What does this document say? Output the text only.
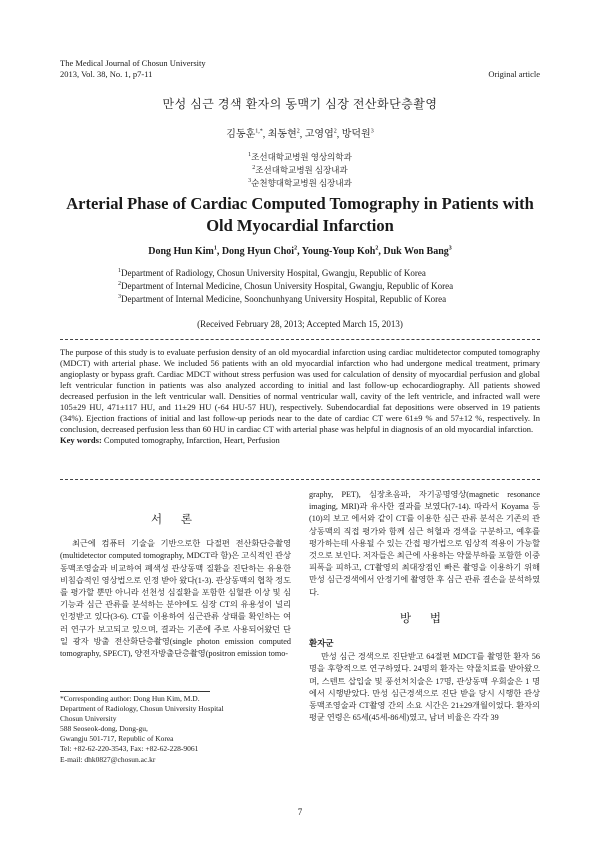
The Medical Journal of Chosun University
2013, Vol. 38, No. 1, p7-11	Original article
만성 심근 경색 환자의 동맥기 심장 전산화단층촬영
김동훈$^{1,*}$, 최동현$^2$, 고영엽$^2$, 방덕원$^3$
$^1$조선대학교병원 영상의학과
$^2$조선대학교병원 심장내과
$^3$순천향대학교병원 심장내과
Arterial Phase of Cardiac Computed Tomography in Patients with
Old Myocardial Infarction
Dong Hun Kim$^1$, Dong Hyun Choi$^2$, Young-Youp Koh$^2$, Duk Won Bang$^3$
$^1$Department of Radiology, Chosun University Hospital, Gwangju, Republic of Korea
$^2$Department of Internal Medicine, Chosun University Hospital, Gwangju, Republic of Korea
$^3$Department of Internal Medicine, Soonchunhyang University Hospital, Republic of Korea
(Received February 28, 2013; Accepted March 15, 2013)
The purpose of this study is to evaluate perfusion density of an old myocardial infarction using cardiac multidetector computed tomography (MDCT) with arterial phase. We included 56 patients with an old myocardial infarction who had undergone medical treatment, primary angioplasty or bypass graft. Cardiac MDCT without stress perfusion was used for calculation of density of myocardial perfusion and global left ventricular function in patients was also analyzed according to initial and last follow-up echocardiography. All patients showed decreased perfusion in the left ventricular wall. Densities of normal ventricular wall, cavity of the left ventricle, and infracted wall were 105±29 HU, 471±117 HU, and 11±29 HU (-64 HU-57 HU), respectively. Subendocardial fat depositions were observed in 19 patients (34%). Ejection fractions of initial and last follow-up periods near to the date of cardiac CT were 61±9 % and 57±12 %, respectively. In conclusion, decreased perfusion less than 60 HU in cardiac CT with arterial phase was helpful in diagnosis of an old myocardial infarction.
Key words: Computed tomography, Infarction, Heart, Perfusion
서 론

최근에 컴퓨터 기술을 기반으로한 다절편 전산화단층촬영(multidetector computed tomography, MDCT라 함)은 고식적인 관상동맥조영술과 비교하여 폐색성 관상동맥 질환을 진단하는 유용한 비침습적인 영상법으로 인정 받아 왔다(1-3). 관상동맥의 협착 정도를 평가할 뿐만 아니라 선천성 심질환을 포함한 심혈관 이상 및 심기능과 심근 관류를 분석하는 분야에도 심장 CT의 유용성이 널리 인정받고 있다(3-6). CT를 이용하여 심근관류 상태를 확인하는 여러 연구가 보고되고 있으며, 결과는 기존에 주로 사용되어왔던 단일 광자 방출 전산화단층촬영(single photon emission computed tomography, SPECT), 양전자방출단층촬영(positron emission tomo-

graphy, PET), 심장초음파, 자기공명영상(magnetic resonance imaging, MRI)과 유사한 결과를 보였다(7-14). 따라서 Koyama 등(10)의 보고 에서와 같이 CT를 이용한 심근 관류 분석은 기존의 관상동맥의 직접 평가와 함께 심근 허혈과 경색을 구분하고, 예후를 평가하는데 사용될 수 있는 간접 평가법으로 임상적 적용이 가능할 것으로 보인다. 저자들은 최근에 사용하는 약물부하를 포함한 이중 피폭을 피하고, CT촬영의 최대장점인 빠른 촬영을 이용하기 위해 만성 심근경색에서 안정기에 촬영한 후 심근 관류 결손을 분석하였다.

방 법
환자군

만성 심근 경색으로 진단받고 64절편 MDCT를 촬영한 환자 56명을 후향적으로 연구하였다. 24명의 환자는 약물치료를 받아왔으며, 스텐트 삽입술 및 풍선처치술은 17명, 관상동맥 우회술은 1 명에서 시행받았다. 만성 심근경색으로 진단 받을 당시 시행한 관상동맥조영술과 CT촬영 간의 소요 시간은 21±29개월이었다. 환자의 평균 연령은 65세(45세-86세)였고, 남녀 비율은 각각 39

*Corresponding author: Dong Hun Kim, M.D.
Department of Radiology, Chosun University Hospital
Chosun University
588 Seoseok-dong, Dong-gu,
Gwangju 501-717, Republic of Korea
Tel: +82-62-220-3543, Fax: +82-62-228-9061
E-mail: dhk0827@chosun.ac.kr
7
